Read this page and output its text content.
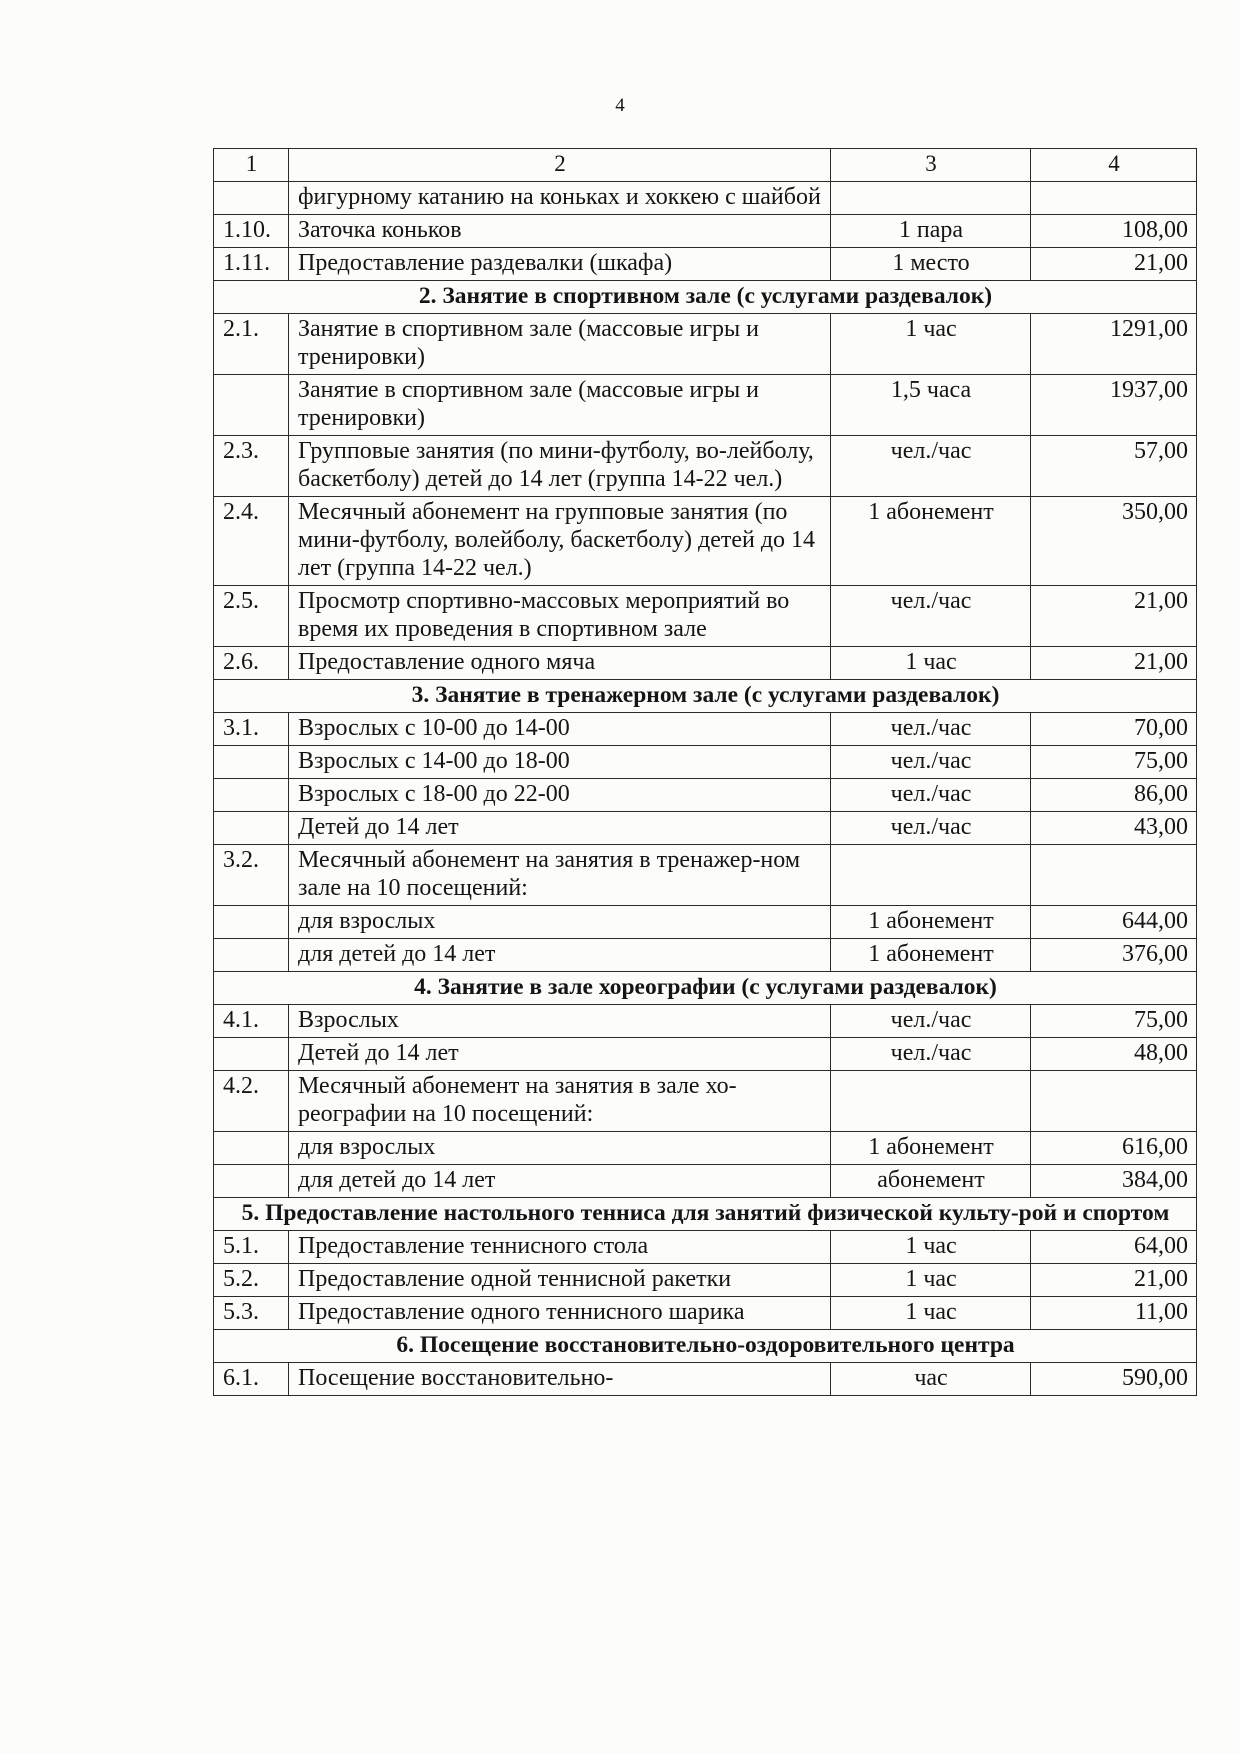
4
1	2	3	4
	фигурному катанию на коньках и хоккею с шайбой		
1.10.	Заточка коньков	1 пара	108,00
1.11.	Предоставление раздевалки (шкафа)	1 место	21,00
2. Занятие в спортивном зале (с услугами раздевалок)			
2.1.	Занятие в спортивном зале (массовые игры и тренировки)	1 час	1291,00
	Занятие в спортивном зале (массовые игры и тренировки)	1,5 часа	1937,00
2.3.	Групповые занятия (по мини-футболу, во-лейболу, баскетболу) детей до 14 лет (группа 14-22 чел.)	чел./час	57,00
2.4.	Месячный абонемент на групповые занятия (по мини-футболу, волейболу, баскетболу) детей до 14 лет (группа 14-22 чел.)	1 абонемент	350,00
2.5.	Просмотр спортивно-массовых мероприятий во время их проведения в спортивном зале	чел./час	21,00
2.6.	Предоставление одного мяча	1 час	21,00
3. Занятие в тренажерном зале (с услугами раздевалок)			
3.1.	Взрослых с 10-00 до 14-00	чел./час	70,00
	Взрослых с 14-00 до 18-00	чел./час	75,00
	Взрослых с 18-00 до 22-00	чел./час	86,00
	Детей до 14 лет	чел./час	43,00
3.2.	Месячный абонемент на занятия в тренажер-ном зале на 10 посещений:		
	для взрослых	1 абонемент	644,00
	для детей до 14 лет	1 абонемент	376,00
4. Занятие в зале хореографии (с услугами раздевалок)			
4.1.	Взрослых	чел./час	75,00
	Детей до 14 лет	чел./час	48,00
4.2.	Месячный абонемент на занятия в зале хо-реографии на 10 посещений:		
	для взрослых	1 абонемент	616,00
	для детей до 14 лет	абонемент	384,00
5. Предоставление настольного тенниса для занятий физической культу-рой и спортом			
5.1.	Предоставление теннисного стола	1 час	64,00
5.2.	Предоставление одной теннисной ракетки	1 час	21,00
5.3.	Предоставление одного теннисного шарика	1 час	11,00
6. Посещение восстановительно-оздоровительного центра			
6.1.	Посещение восстановительно-	час	590,00
